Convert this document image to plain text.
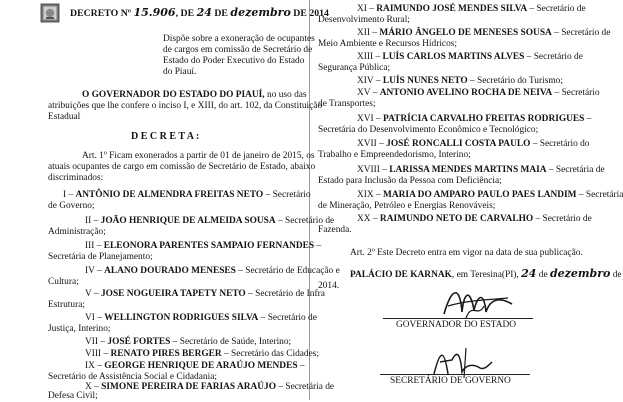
DECRETO Nº 15.906, DE 24 DE dezembro DE 2014
Dispõe sobre a exoneração de ocupantes
de cargos em comissão de Secretário de
Estado do Poder Executivo do Estado
do Piauí.
O GOVERNADOR DO ESTADO DO PIAUÍ, no uso das
atribuições que lhe confere o inciso I, e XIII, do art. 102, da Constituição
Estadual
D E C R E T A :
Art. 1º Ficam exonerados a partir de 01 de janeiro de 2015, os
atuais ocupantes de cargo em comissão de Secretário de Estado, abaixo
discriminados:
I – ANTÔNIO DE ALMENDRA FREITAS NETO – Secretário
de Governo;
II – JOÃO HENRIQUE DE ALMEIDA SOUSA – Secretário de
Administração;
III – ELEONORA PARENTES SAMPAIO FERNANDES –
Secretária de Planejamento;
IV – ALANO DOURADO MENESES – Secretário de Educação e
Cultura;
V – JOSE NOGUEIRA TAPETY NETO – Secretário de Infra
Estrutura;
VI – WELLINGTON RODRIGUES SILVA – Secretário de
Justiça, Interino;
VII – JOSÉ FORTES – Secretário de Saúde, Interino;
VIII – RENATO PIRES BERGER – Secretário das Cidades;
IX – GEORGE HENRIQUE DE ARAÚJO MENDES –
Secretário de Assistência Social e Cidadania;
X – SIMONE PEREIRA DE FARIAS ARAÚJO – Secretária de
Defesa Civil;
XI – RAIMUNDO JOSÉ MENDES SILVA – Secretário de
Desenvolvimento Rural;
XII – MÁRIO ÂNGELO DE MENESES SOUSA – Secretário de
Meio Ambiente e Recursos Hídricos;
XIII – LUÍS CARLOS MARTINS ALVES – Secretário de
Segurança Pública;
XIV – LUÍS NUNES NETO – Secretário do Turismo;
XV – ANTONIO AVELINO ROCHA DE NEIVA – Secretário
de Transportes;
XVI – PATRÍCIA CARVALHO FREITAS RODRIGUES –
Secretária do Desenvolvimento Econômico e Tecnológico;
XVII – JOSÉ RONCALLI COSTA PAULO – Secretário do
Trabalho e Empreendedorismo, Interino;
XVIII – LARISSA MENDES MARTINS MAIA – Secretária de
Estado para Inclusão da Pessoa com Deficiência;
XIX – MARIA DO AMPARO PAULO PAES LANDIM – Secretária
de Mineração, Petróleo e Energias Renováveis;
XX – RAIMUNDO NETO DE CARVALHO – Secretário de
Fazenda.
Art. 2º Este Decreto entra em vigor na data de sua publicação.
PALÁCIO DE KARNAK, em Teresina(PI), 24 de dezembro de
2014.
GOVERNADOR DO ESTADO
SECRETÁRIO DE GOVERNO
